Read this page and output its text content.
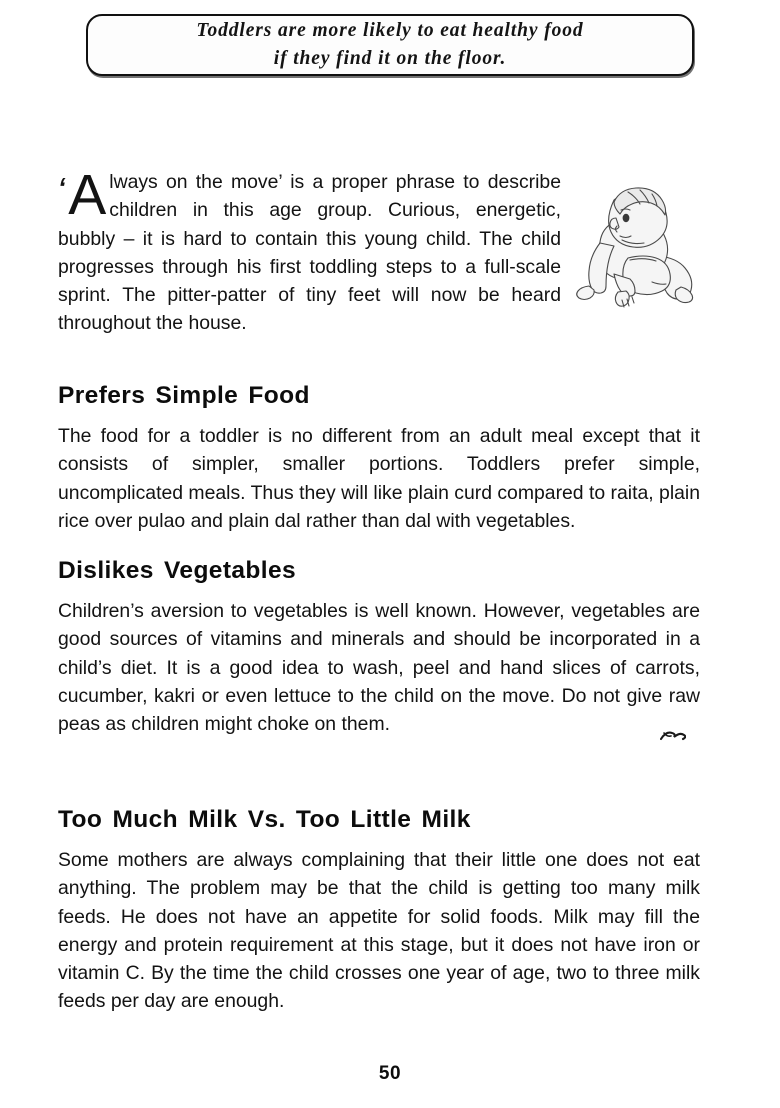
Toddlers are more likely to eat healthy food
if they find it on the floor.

‘ A lways on the move’ is a proper phrase to describe children in this age group. Curious, energetic, bubbly – it is hard to contain this young child. The child progresses through his first toddling steps to a full-scale sprint. The pitter-patter of tiny feet will now be heard throughout the house.

Prefers Simple Food

The food for a toddler is no different from an adult meal except that it consists of simpler, smaller portions. Toddlers prefer simple, uncomplicated meals. Thus they will like plain curd compared to raita, plain rice over pulao and plain dal rather than dal with vegetables.

Dislikes Vegetables

Children’s aversion to vegetables is well known. However, vegetables are good sources of vitamins and minerals and should be incorporated in a child’s diet. It is a good idea to wash, peel and hand slices of carrots, cucumber, kakri or even lettuce to the child on the move. Do not give raw peas as children might choke on them.

Too Much Milk Vs. Too Little Milk

Some mothers are always complaining that their little one does not eat anything. The problem may be that the child is getting too many milk feeds. He does not have an appetite for solid foods. Milk may fill the energy and protein requirement at this stage, but it does not have iron or vitamin C. By the time the child crosses one year of age, two to three milk feeds per day are enough.

50
